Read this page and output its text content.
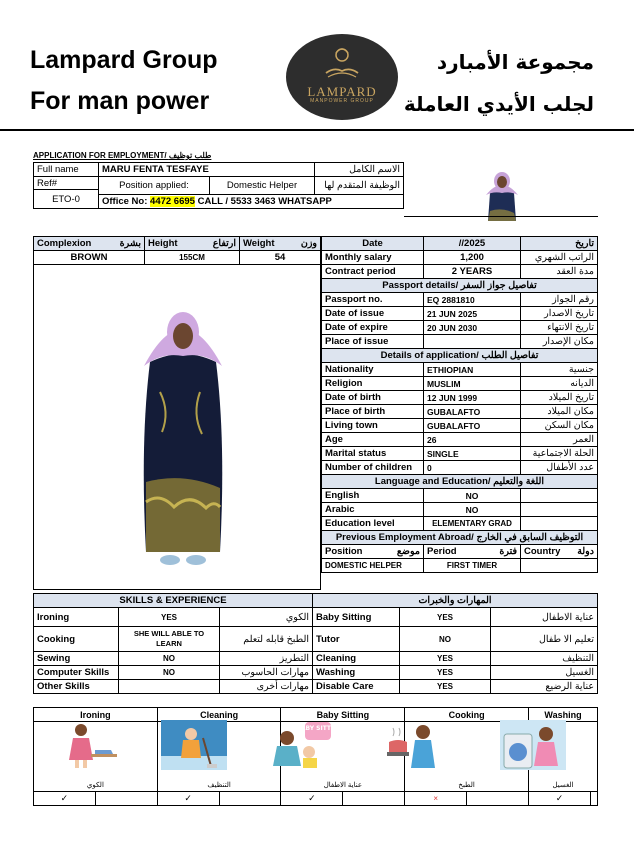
Lampard Group
For man power
مجموعة الأمبارد
لجلب الأيدي العاملة
LAMPARD
MANPOWER GROUP
APPLICATION FOR EMPLOYMENT/ طلب توظيف
Full name	MARU FENTA TESFAYE		الاسم الكامل
Ref#	Position applied:	Domestic Helper	الوظيفة المتقدم لها
ETO-0			
	Office No: 4472 6695 CALL / 5533 3463 WHATSAPP		
Complexion بشرة	Height ارتفاع	Weight وزن

BROWN	155CM	54
Date	//2025	تاريخ
Monthly salary	1,200	الراتب الشهري
Contract period	2 YEARS	مدة العقد
Passport details/ تفاصيل جواز السفر		
Passport no.	EQ 2881810	رقم الجواز
Date of issue	21 JUN 2025	تاريخ الاصدار
Date of expire	20 JUN 2030	تاريخ الانتهاء
Place of issue		مكان الإصدار
Details of application/ تفاصيل الطلب		
Nationality	ETHIOPIAN	جنسية
Religion	MUSLIM	الديانه
Date of birth	12 JUN 1999	تاريخ الميلاد
Place of birth	GUBALAFTO	مكان الميلاد
Living town	GUBALAFTO	مكان السكن
Age	26	العمر
Marital status	SINGLE	الحلة الاجتماعية
Number of children	0	عدد الأطفال
Language and Education/ اللغة والتعليم		
English	NO	
Arabic	NO	
Education level	ELEMENTARY GRAD	
Previous Employment Abroad/ التوظيف السابق في الخارج		
Position موضع	Period فترة	Country دولة

DOMESTIC HELPER	FIRST TIMER	
SKILLS & EXPERIENCE			المهارات والخبرات		
Ironing	YES	الكوي	Baby Sitting	YES	عناية الاطفال
Cooking	SHE WILL ABLE TO LEARN	الطبخ قابله لتعلم	Tutor	NO	تعليم الا طفال
Sewing	NO	التطريز	Cleaning	YES	التنظيف
Computer Skills	NO	مهارات الحاسوب	Washing	YES	الغسيل
Other Skills		مهارات أخرى	Disable Care	YES	عناية الرضيع
Ironing		Cleaning		Baby Sitting		Cooking		Washing	

الكوي		التنظيف		عناية الاطفال		الطبخ		الغسيل	
✓		✓		✓		×		✓	
BABY SITTER
